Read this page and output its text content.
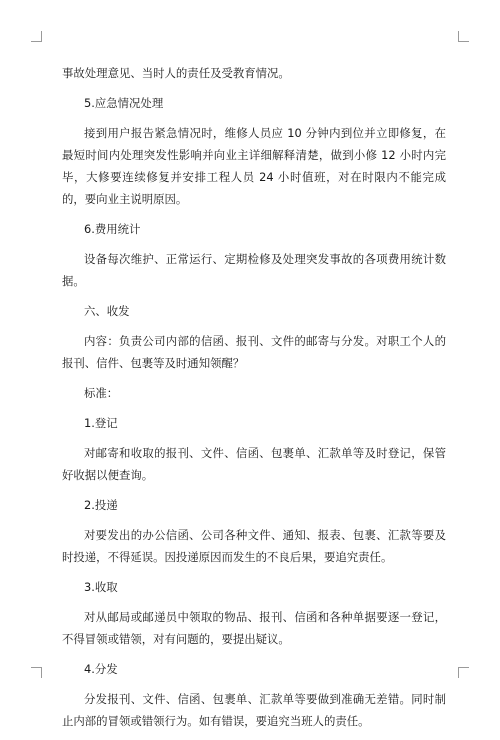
事故处理意见、当时人的责任及受教育情况。

5.应急情况处理

接到用户报告紧急情况时，维修人员应 10 分钟内到位并立即修复，在最短时间内处理突发性影响并向业主详细解释清楚，做到小修 12 小时内完毕，大修要连续修复并安排工程人员 24 小时值班，对在时限内不能完成的，要向业主说明原因。

6.费用统计

设备每次维护、正常运行、定期检修及处理突发事故的各项费用统计数据。

六、收发

内容：负责公司内部的信函、报刊、文件的邮寄与分发。对职工个人的报刊、信件、包裹等及时通知领醒？

标准：

1.登记

对邮寄和收取的报刊、文件、信函、包裹单、汇款单等及时登记，保管好收据以便查询。

2.投递

对要发出的办公信函、公司各种文件、通知、报表、包裹、汇款等要及时投递，不得延误。因投递原因而发生的不良后果，要追究责任。

3.收取

对从邮局或邮递员中领取的物品、报刊、信函和各种单据要逐一登记，不得冒领或错领，对有问题的，要提出疑议。

4.分发

分发报刊、文件、信函、包裹单、汇款单等要做到准确无差错。同时制止内部的冒领或错领行为。如有错误，要追究当班人的责任。
